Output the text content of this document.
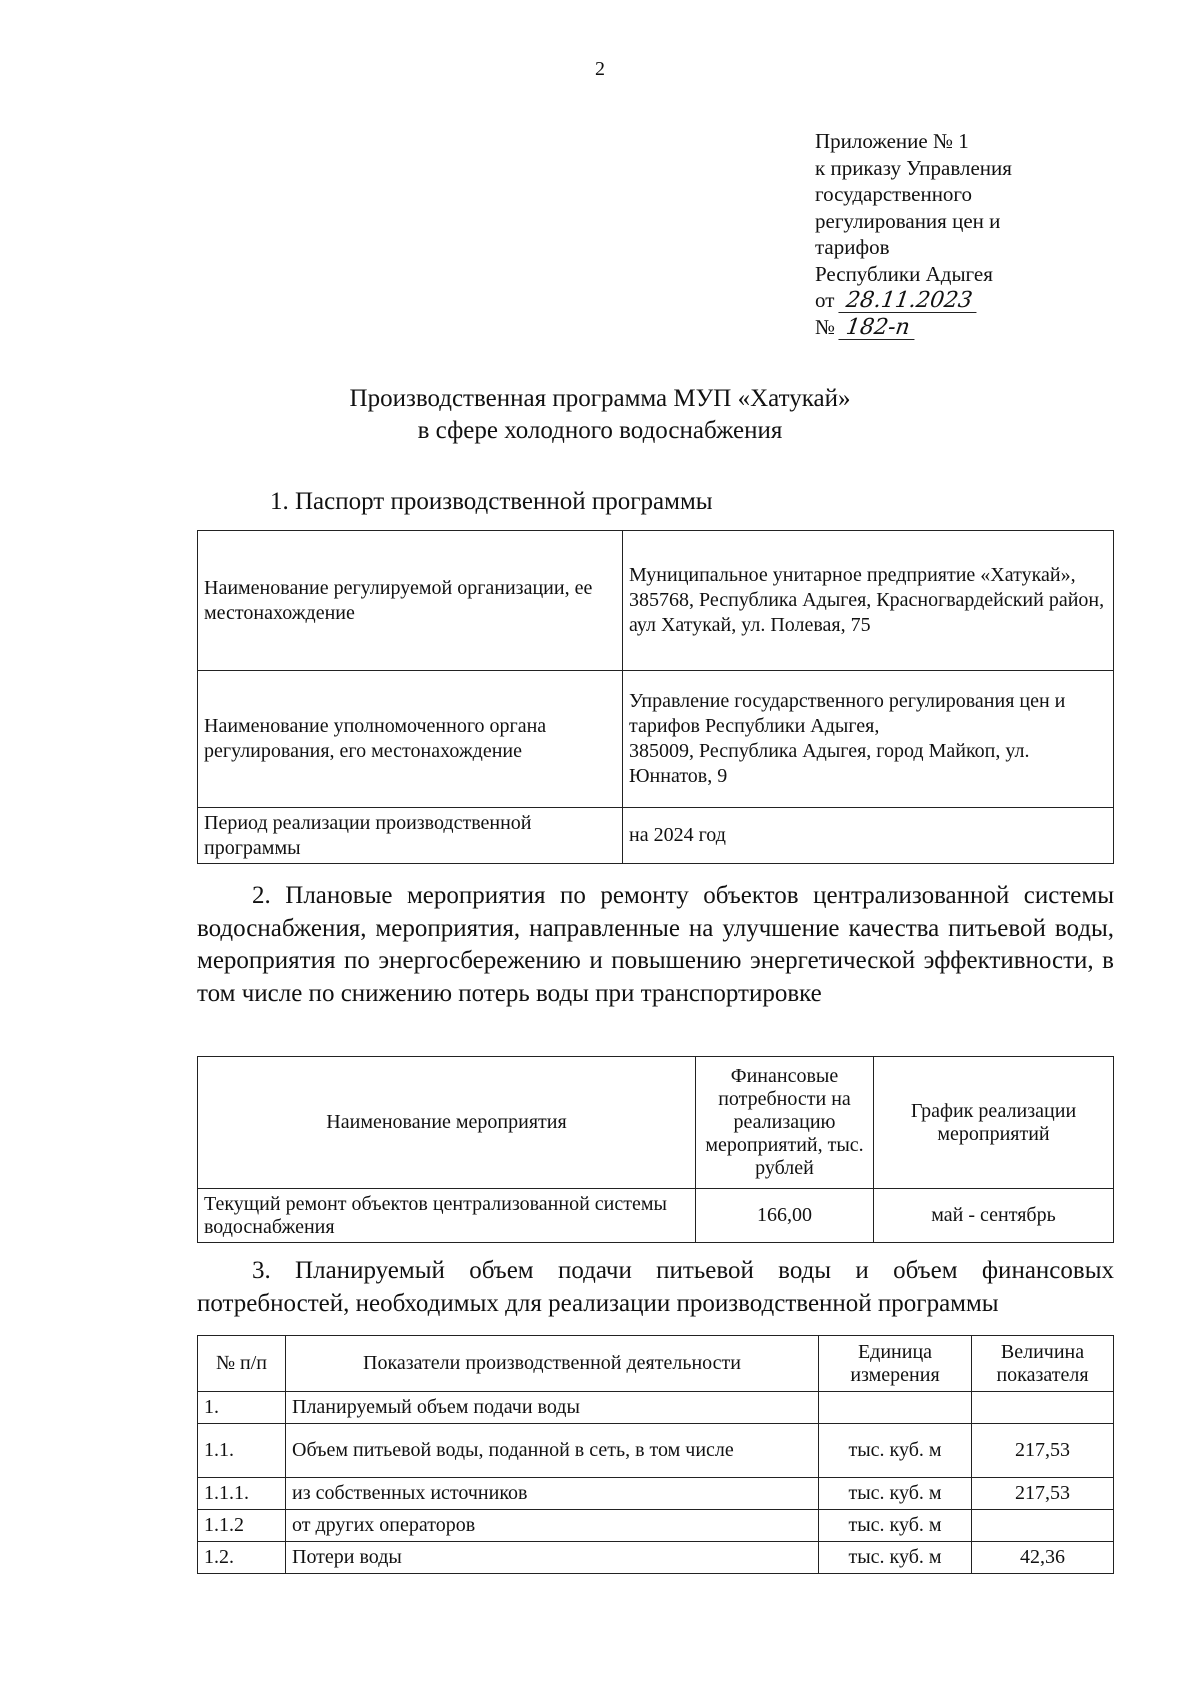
2
Приложение № 1
к приказу Управления
государственного
регулирования цен и
тарифов
Республики Адыгея
от 28.11.2023
№ 182-п
Производственная программа МУП «Хатукай»
в сфере холодного водоснабжения
1. Паспорт производственной программы
Наименование регулируемой организации, ее местонахождение	Муниципальное унитарное предприятие «Хатукай»,
385768, Республика Адыгея, Красногвардейский район, аул Хатукай, ул. Полевая, 75
Наименование уполномоченного органа регулирования, его местонахождение	Управление государственного регулирования цен и тарифов Республики Адыгея,
385009, Республика Адыгея, город Майкоп, ул. Юннатов, 9
Период реализации производственной программы	на 2024 год
2. Плановые мероприятия по ремонту объектов централизованной системы водоснабжения, мероприятия, направленные на улучшение качества питьевой воды, мероприятия по энергосбережению и повышению энергетической эффективности, в том числе по снижению потерь воды при транспортировке
Наименование мероприятия	Финансовые потребности на реализацию мероприятий, тыс. рублей	График реализации мероприятий
Текущий ремонт объектов централизованной системы водоснабжения	166,00	май - сентябрь
3. Планируемый объем подачи питьевой воды и объем финансовых потребностей, необходимых для реализации производственной программы
№ п/п	Показатели производственной деятельности	Единица измерения	Величина показателя
1.	Планируемый объем подачи воды		
1.1.	Объем питьевой воды, поданной в сеть, в том числе	тыс. куб. м	217,53
1.1.1.	из собственных источников	тыс. куб. м	217,53
1.1.2	от других операторов	тыс. куб. м	
1.2.	Потери воды	тыс. куб. м	42,36
